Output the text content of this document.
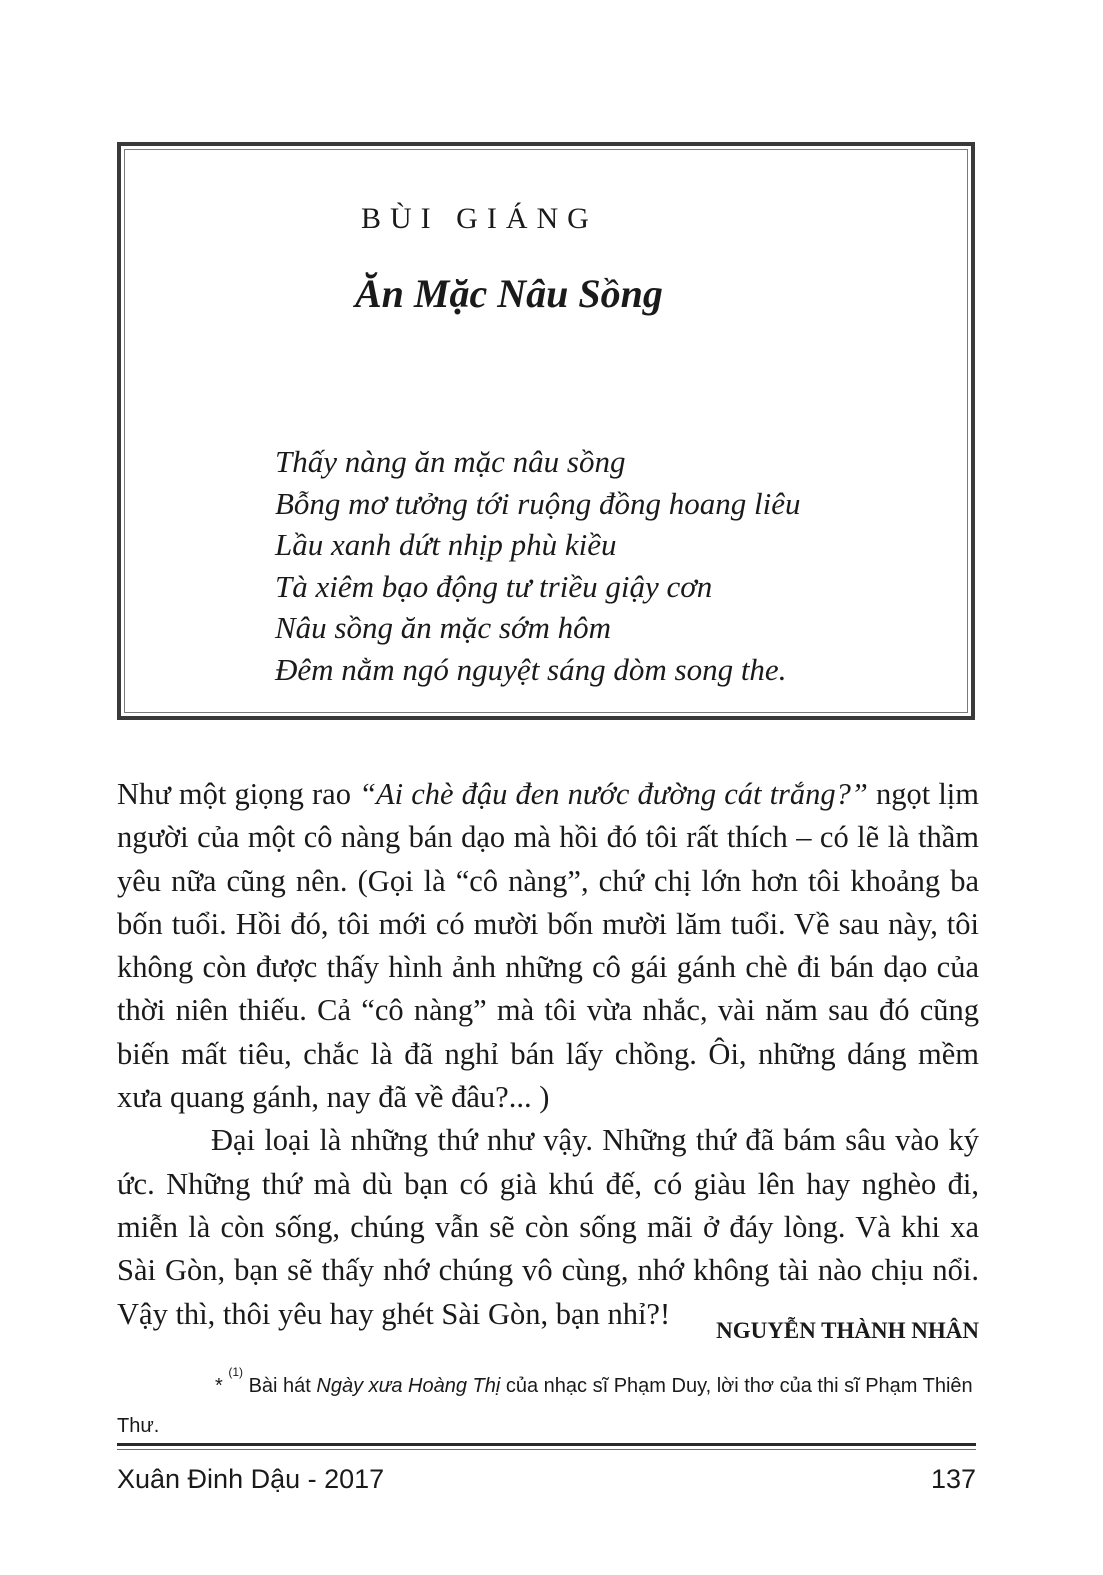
BÙI GIÁNG
Ăn Mặc Nâu Sồng
Thấy nàng ăn mặc nâu sồng
Bỗng mơ tưởng tới ruộng đồng hoang liêu
Lầu xanh dứt nhịp phù kiều
Tà xiêm bạo động tư triều giậy cơn
Nâu sồng ăn mặc sớm hôm
Đêm nằm ngó nguyệt sáng dòm song the.

Như một giọng rao “Ai chè đậu đen nước đường cát trắng?” ngọt lịm người của một cô nàng bán dạo mà hồi đó tôi rất thích – có lẽ là thầm yêu nữa cũng nên. (Gọi là “cô nàng”, chứ chị lớn hơn tôi khoảng ba bốn tuổi. Hồi đó, tôi mới có mười bốn mười lăm tuổi. Về sau này, tôi không còn được thấy hình ảnh những cô gái gánh chè đi bán dạo của thời niên thiếu. Cả “cô nàng” mà tôi vừa nhắc, vài năm sau đó cũng biến mất tiêu, chắc là đã nghỉ bán lấy chồng. Ôi, những dáng mềm xưa quang gánh, nay đã về đâu?... )

Đại loại là những thứ như vậy. Những thứ đã bám sâu vào ký ức. Những thứ mà dù bạn có già khú đế, có giàu lên hay nghèo đi, miễn là còn sống, chúng vẫn sẽ còn sống mãi ở đáy lòng. Và khi xa Sài Gòn, bạn sẽ thấy nhớ chúng vô cùng, nhớ không tài nào chịu nổi. Vậy thì, thôi yêu hay ghét Sài Gòn, bạn nhỉ?!	NGUYỄN THÀNH NHÂN

* $^{(1)}$ Bài hát Ngày xưa Hoàng Thị của nhạc sĩ Phạm Duy, lời thơ của thi sĩ Phạm Thiên Thư.

Xuân Đinh Dậu - 2017	137
